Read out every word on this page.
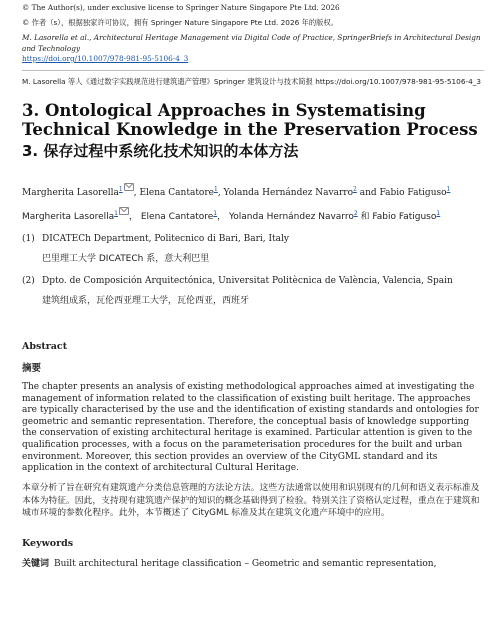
© The Author(s), under exclusive license to Springer Nature Singapore Pte Ltd. 2026
© 作者（s），根据独家许可协议，拥有 Springer Nature Singapore Pte Ltd. 2026 年的版权。
M. Lasorella et al., Architectural Heritage Management via Digital Code of Practice, SpringerBriefs in Architectural Design and Technology
https://doi.org/10.1007/978-981-95-5106-4_3
M. Lasorella 等人《通过数字实践规范进行建筑遗产管理》Springer 建筑设计与技术简报 https://doi.org/10.1007/978-981-95-5106-4_3
3. Ontological Approaches in Systematising Technical Knowledge in the Preservation Process
3. 保存过程中系统化技术知识的本体方法
Margherita Lasorella$^1$ , Elena Cantatore$^1$, Yolanda Hernández Navarro$^2$ and Fabio Fatiguso$^1$
Margherita Lasorella$^1$ ， Elena Cantatore$^1$， Yolanda Hernández Navarro$^2$ 和 Fabio Fatiguso$^1$
(1) DICATECh Department, Politecnico di Bari, Bari, Italy
巴里理工大学 DICATECh 系，意大利巴里
(2) Dpto. de Composición Arquitectónica, Universitat Politècnica de València, Valencia, Spain
建筑组成系，瓦伦西亚理工大学，瓦伦西亚，西班牙
Abstract
摘要
The chapter presents an analysis of existing methodological approaches aimed at investigating the management of information related to the classification of existing built heritage. The approaches are typically characterised by the use and the identification of existing standards and ontologies for geometric and semantic representation. Therefore, the conceptual basis of knowledge supporting the conservation of existing architectural heritage is examined. Particular attention is given to the qualification processes, with a focus on the parameterisation procedures for the built and urban environment. Moreover, this section provides an overview of the CityGML standard and its application in the context of architectural Cultural Heritage.
本章分析了旨在研究有建筑遗产分类信息管理的方法论方法。这些方法通常以使用和识别现有的几何和语义表示标准及本体为特征。因此，支持现有建筑遗产保护的知识的概念基础得到了检验。特别关注了资格认定过程，重点在于建筑和城市环境的参数化程序。此外，本节概述了 CityGML 标准及其在建筑文化遗产环境中的应用。
Keywords
关键词 Built architectural heritage classification – Geometric and semantic representation,
